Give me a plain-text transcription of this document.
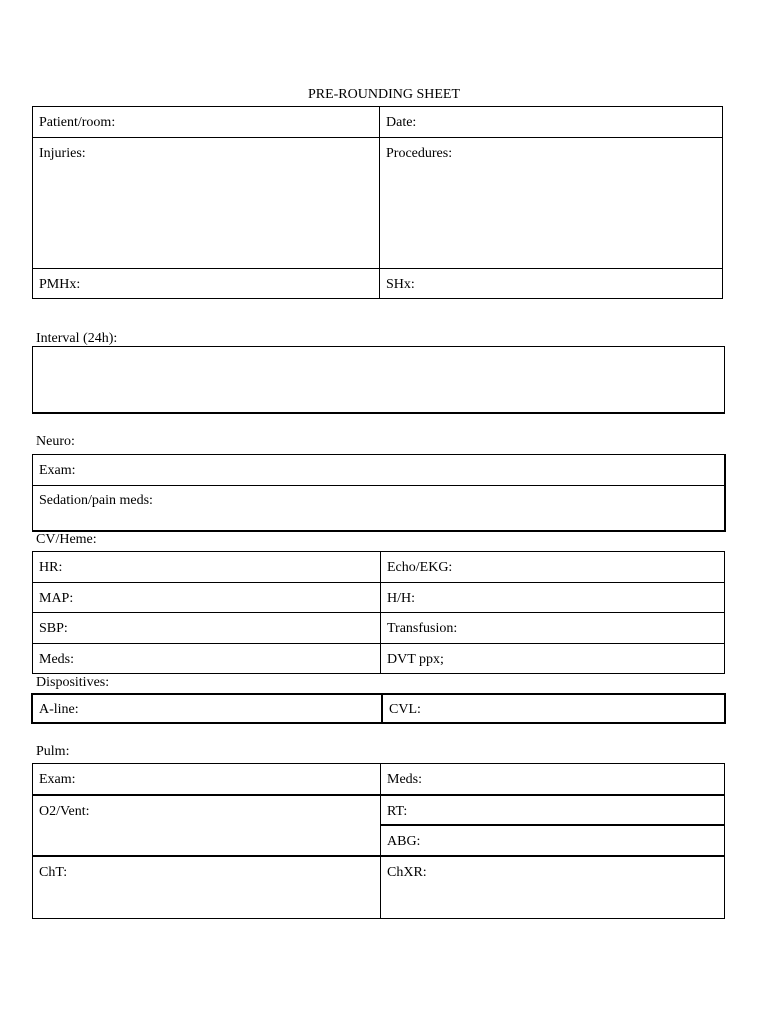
PRE-ROUNDING SHEET
Patient/room:	Date:
Injuries:	Procedures:
PMHx:	SHx:
Interval (24h):
Neuro:
Exam:
Sedation/pain meds:
CV/Heme:
HR:	Echo/EKG:
MAP:	H/H:
SBP:	Transfusion:
Meds:	DVT ppx;
Dispositives:
A-line:	CVL:
Pulm:
Exam:	Meds:
O2/Vent:	RT:
ABG:
ChT:	ChXR:
